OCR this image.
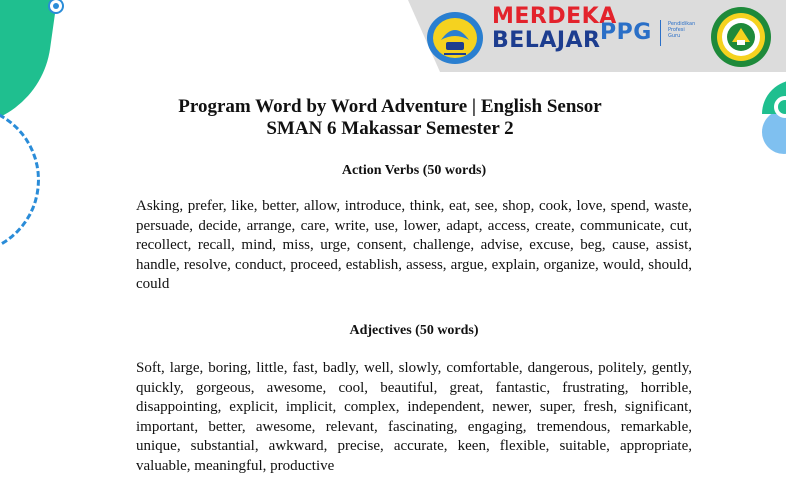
MERDEKA
BELAJAR PPG	Pendidikan
Profesi
Guru
Program Word by Word Adventure | English Sensor
SMAN 6 Makassar Semester 2
Action Verbs (50 words)
Asking, prefer, like, better, allow, introduce, think, eat, see, shop, cook, love, spend, waste, persuade, decide, arrange, care, write, use, lower, adapt, access, create, communicate, cut, recollect, recall, mind, miss, urge, consent, challenge, advise, excuse, beg, cause, assist, handle, resolve, conduct, proceed, establish, assess, argue, explain, organize, would, should, could
Adjectives (50 words)
Soft, large, boring, little, fast, badly, well, slowly, comfortable, dangerous, politely, gently, quickly, gorgeous, awesome, cool, beautiful, great, fantastic, frustrating, horrible, disappointing, explicit, implicit, complex, independent, newer, super, fresh, significant, important, better, awesome, relevant, fascinating, engaging, tremendous, remarkable, unique, substantial, awkward, precise, accurate, keen, flexible, suitable, appropriate, valuable, meaningful, productive
